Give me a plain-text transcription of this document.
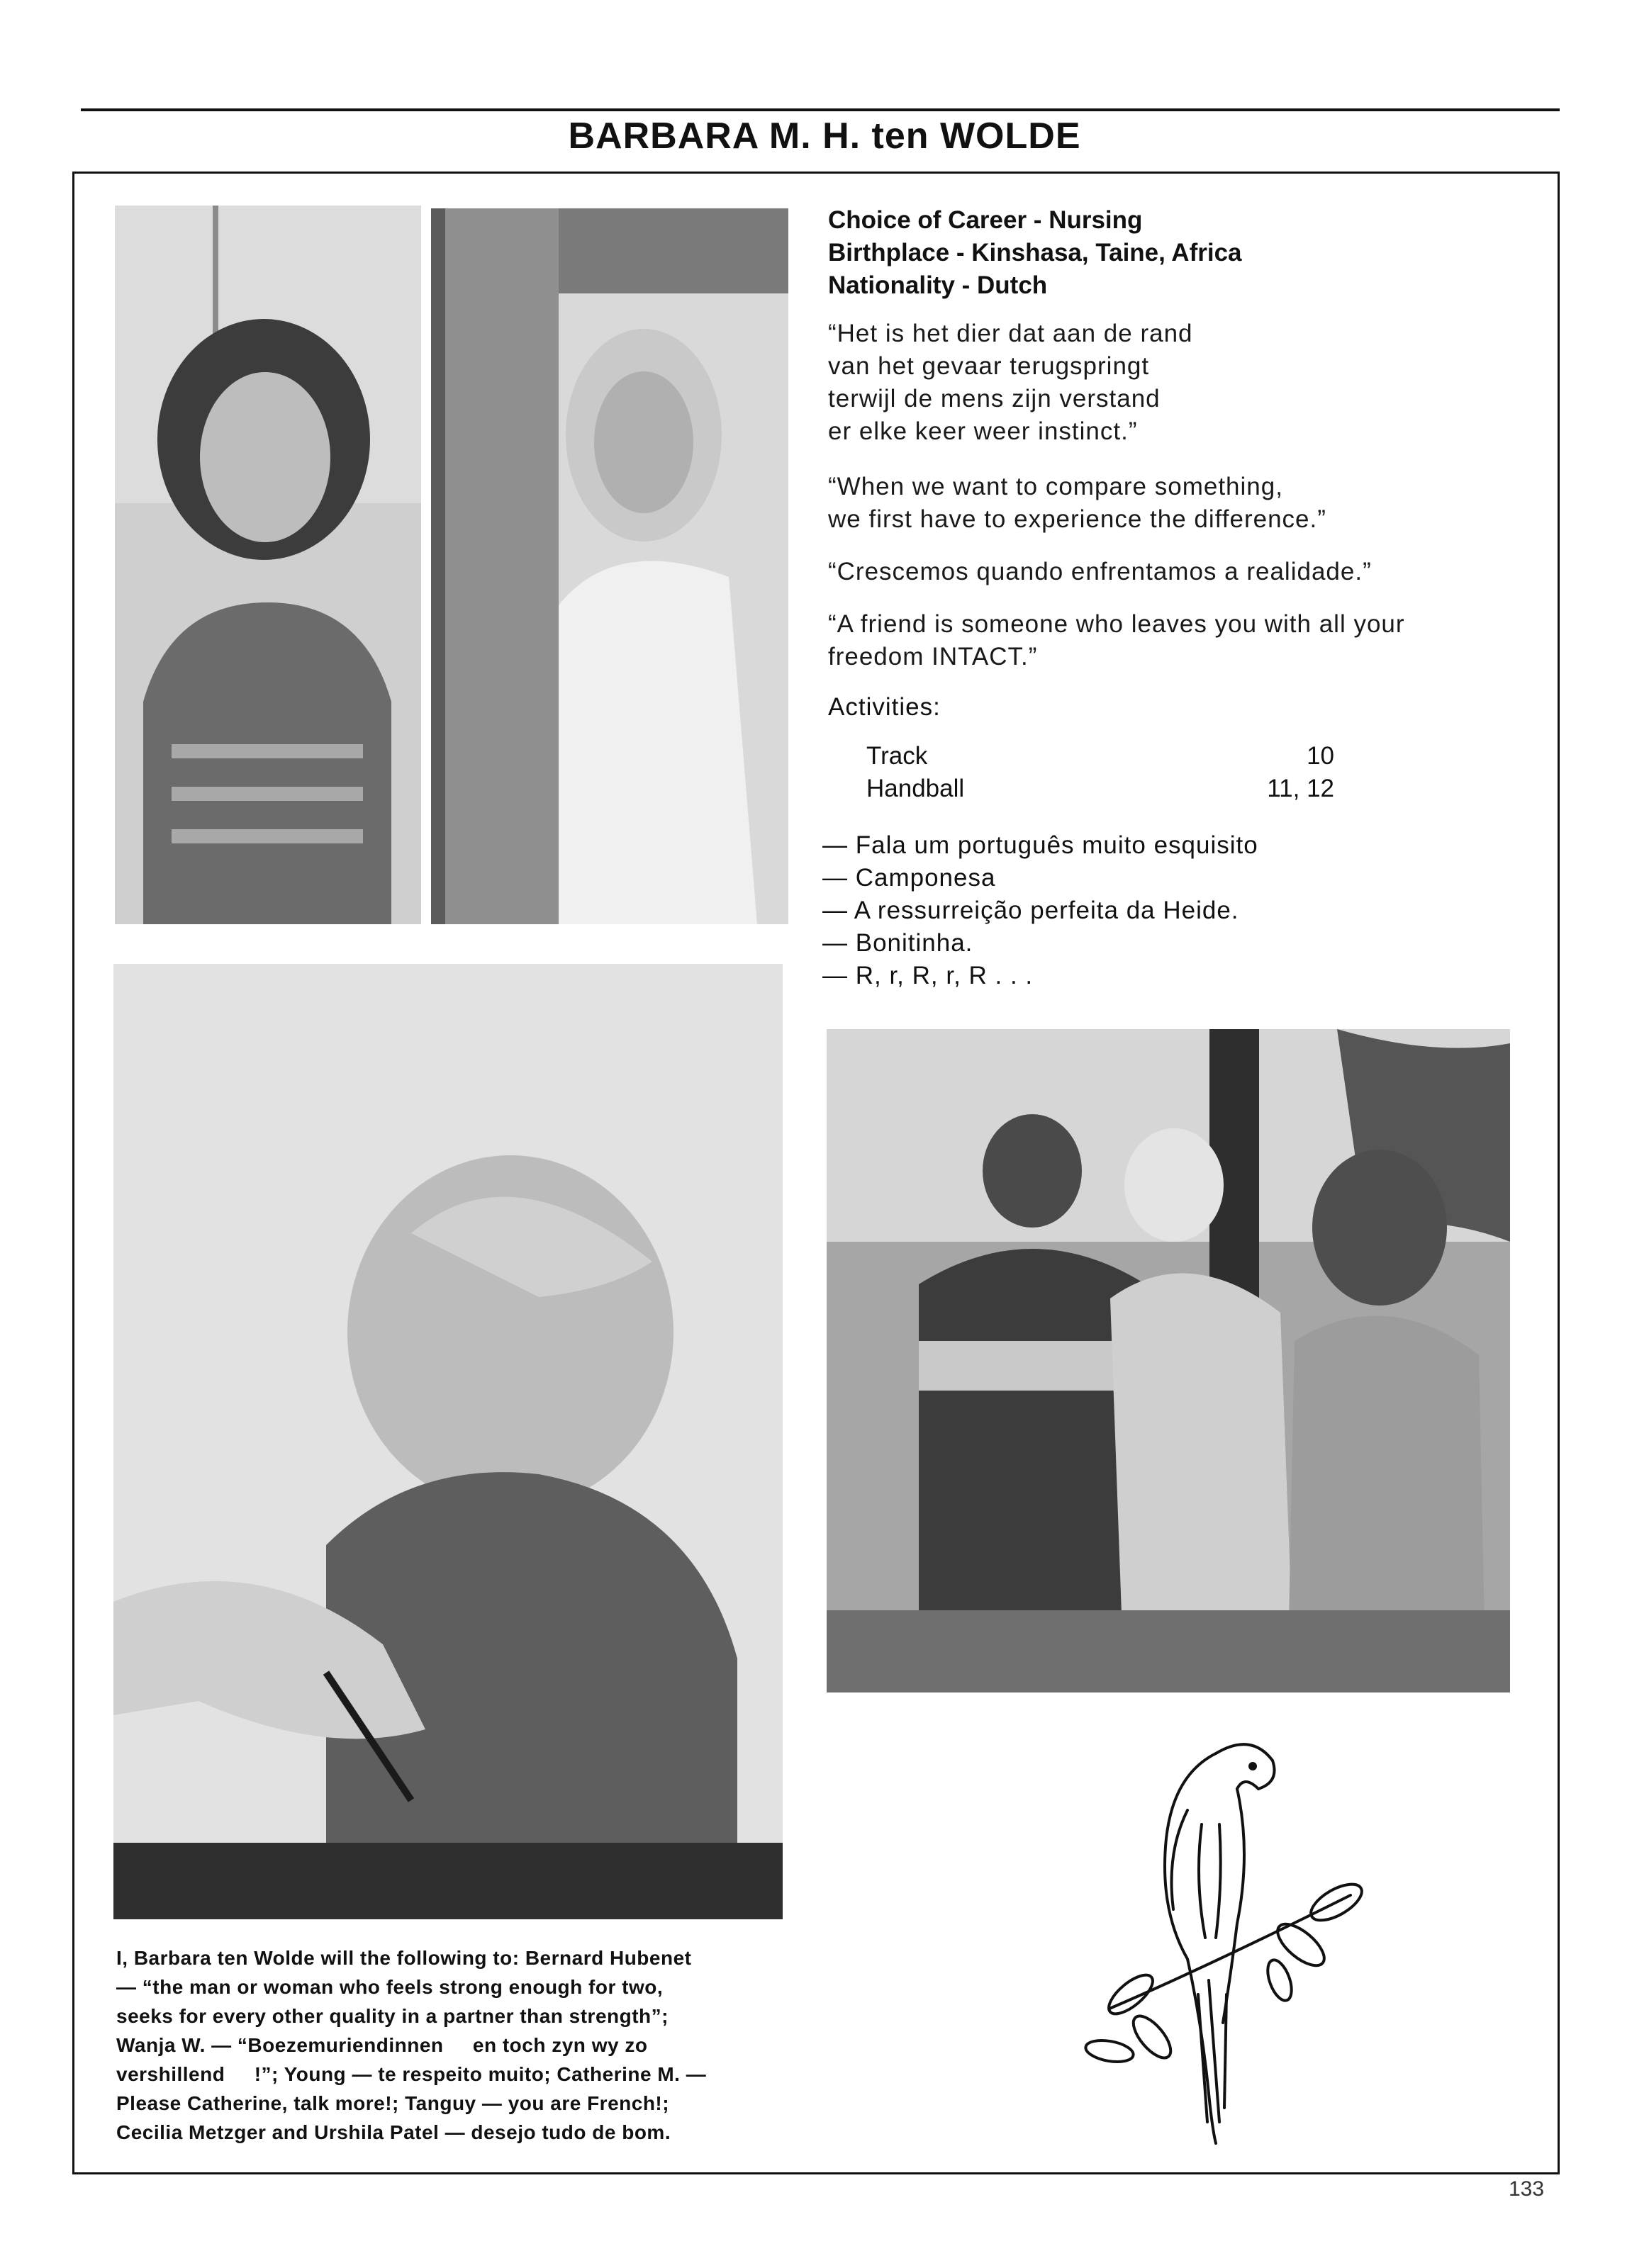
BARBARA M. H. ten WOLDE
Choice of Career - Nursing
Birthplace - Kinshasa, Taine, Africa
Nationality - Dutch

“Het is het dier dat aan de rand
van het gevaar terugspringt
terwijl de mens zijn verstand
er elke keer weer instinct.”

“When we want to compare something,
we first have to experience the difference.”

“Crescemos quando enfrentamos a realidade.”

“A friend is someone who leaves you with all your
freedom INTACT.”

Activities:

Track	10
Handball	11, 12
— Fala um português muito esquisito
— Camponesa
— A ressurreição perfeita da Heide.
— Bonitinha.
— R, r, R, r, R . . .

I, Barbara ten Wolde will the following to: Bernard Hubenet
— “the man or woman who feels strong enough for two,
seeks for every other quality in a partner than strength”;
Wanja W. — “Boezemuriendinnen     en toch zyn wy zo
vershillend     !”; Young — te respeito muito; Catherine M. —
Please Catherine, talk more!; Tanguy — you are French!;
Cecilia Metzger and Urshila Patel — desejo tudo de bom.

133
